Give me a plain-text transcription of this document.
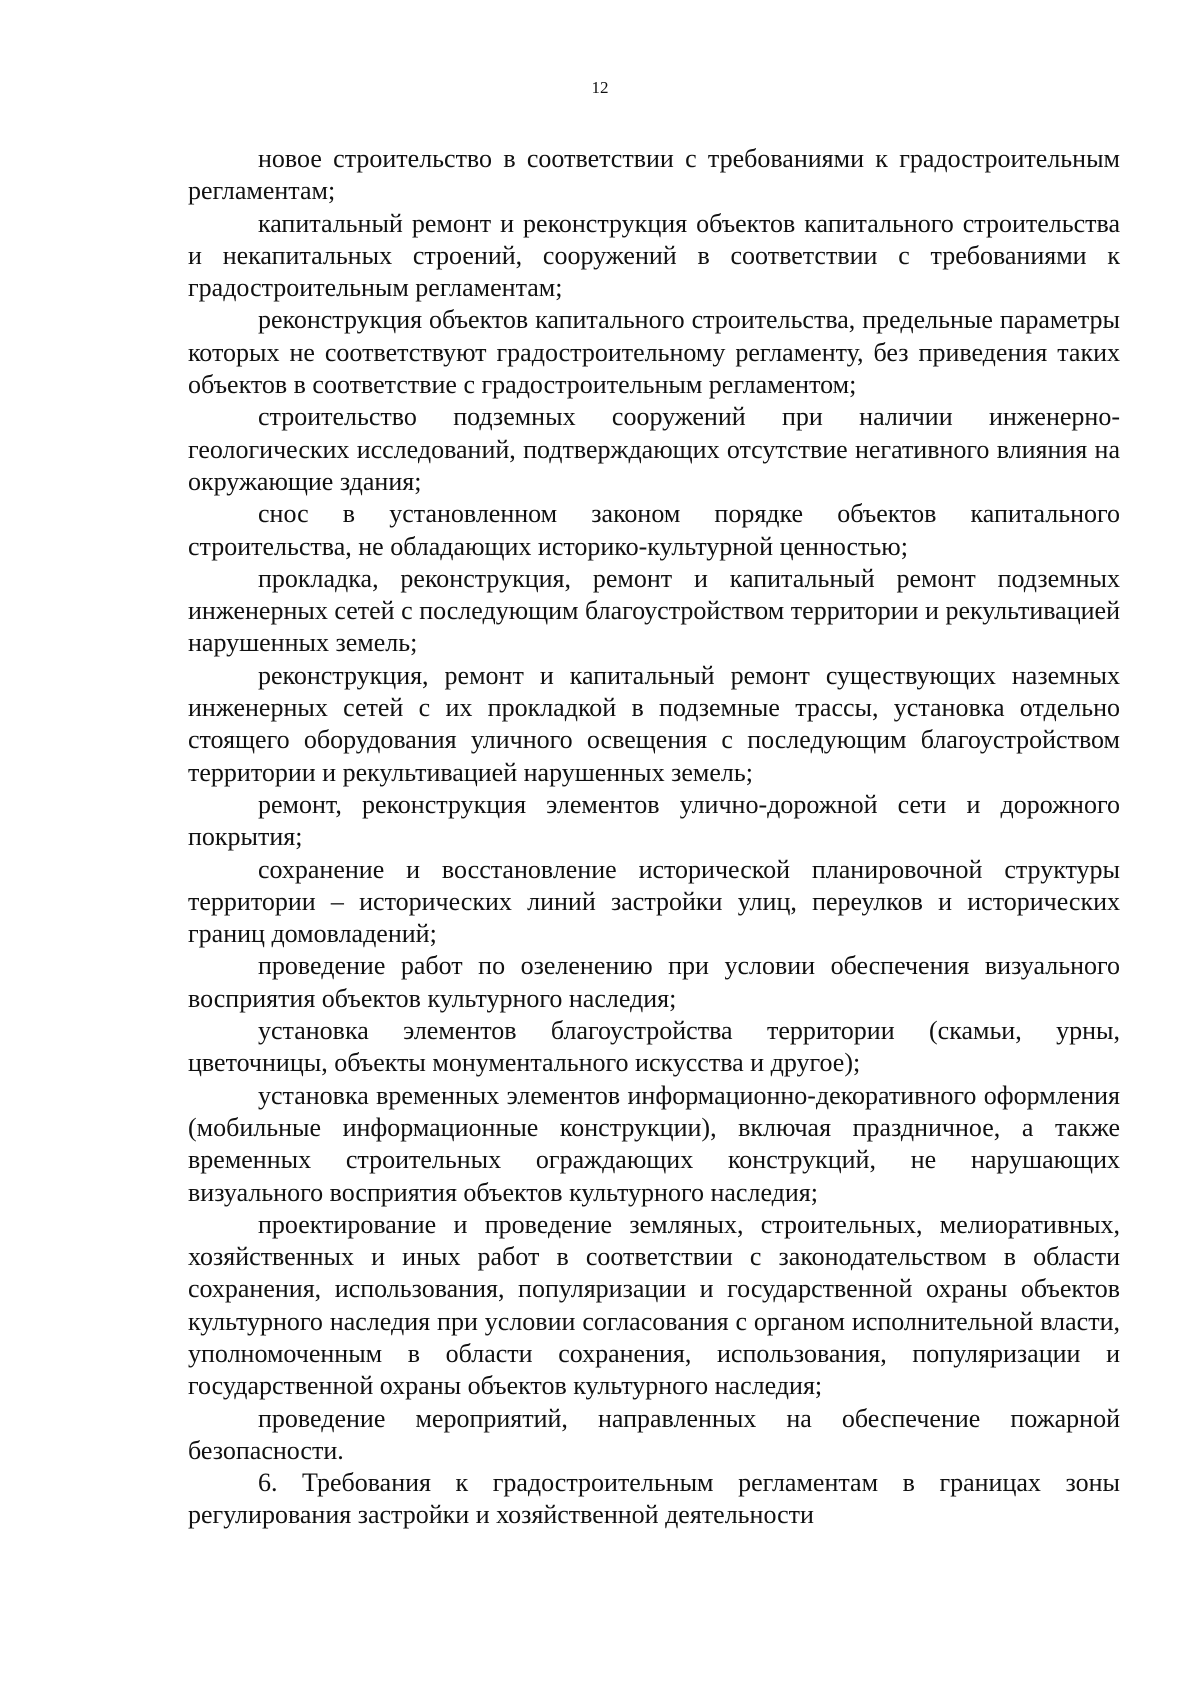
12

новое строительство в соответствии с требованиями к градостроительным регламентам;

капитальный ремонт и реконструкция объектов капитального строительства и некапитальных строений, сооружений в соответствии с требованиями к градостроительным регламентам;

реконструкция объектов капитального строительства, предельные параметры которых не соответствуют градостроительному регламенту, без приведения таких объектов в соответствие с градостроительным регламентом;

строительство подземных сооружений при наличии инженерно-геологических исследований, подтверждающих отсутствие негативного влияния на окружающие здания;

снос в установленном законом порядке объектов капитального строительства, не обладающих историко-культурной ценностью;

прокладка, реконструкция, ремонт и капитальный ремонт подземных инженерных сетей с последующим благоустройством территории и рекультивацией нарушенных земель;

реконструкция, ремонт и капитальный ремонт существующих наземных инженерных сетей с их прокладкой в подземные трассы, установка отдельно стоящего оборудования уличного освещения с последующим благоустройством территории и рекультивацией нарушенных земель;

ремонт, реконструкция элементов улично-дорожной сети и дорожного покрытия;

сохранение и восстановление исторической планировочной структуры территории – исторических линий застройки улиц, переулков и исторических границ домовладений;

проведение работ по озеленению при условии обеспечения визуального восприятия объектов культурного наследия;

установка элементов благоустройства территории (скамьи, урны, цветочницы, объекты монументального искусства и другое);

установка временных элементов информационно-декоративного оформления (мобильные информационные конструкции), включая праздничное, а также временных строительных ограждающих конструкций, не нарушающих визуального восприятия объектов культурного наследия;

проектирование и проведение земляных, строительных, мелиоративных, хозяйственных и иных работ в соответствии с законодательством в области сохранения, использования, популяризации и государственной охраны объектов культурного наследия при условии согласования с органом исполнительной власти, уполномоченным в области сохранения, использования, популяризации и государственной охраны объектов культурного наследия;

проведение мероприятий, направленных на обеспечение пожарной безопасности.

6. Требования к градостроительным регламентам в границах зоны регулирования застройки и хозяйственной деятельности
